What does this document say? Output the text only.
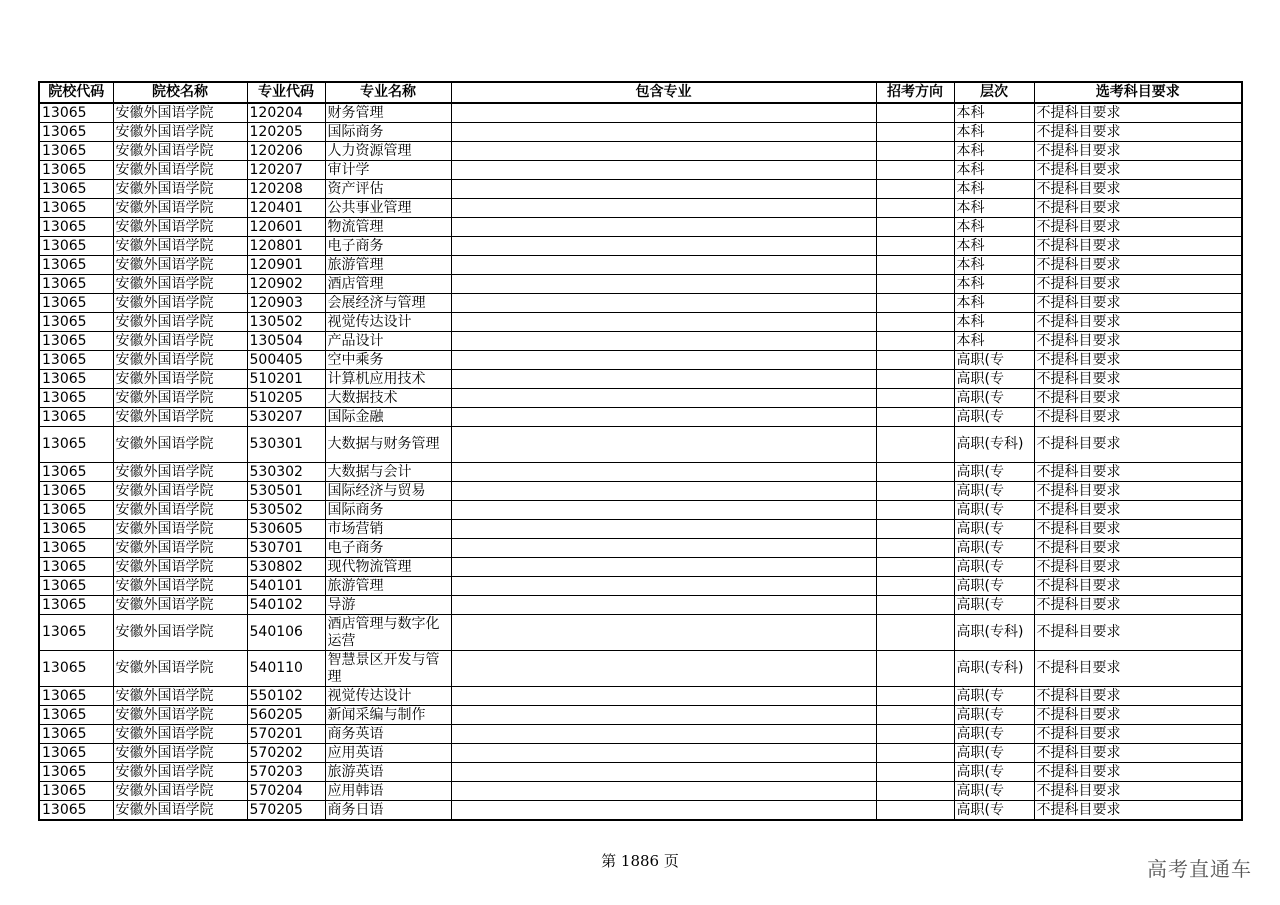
院校代码	院校名称	专业代码	专业名称	包含专业	招考方向	层次	选考科目要求
13065	安徽外国语学院	120204	财务管理			本科	不提科目要求
13065	安徽外国语学院	120205	国际商务			本科	不提科目要求
13065	安徽外国语学院	120206	人力资源管理			本科	不提科目要求
13065	安徽外国语学院	120207	审计学			本科	不提科目要求
13065	安徽外国语学院	120208	资产评估			本科	不提科目要求
13065	安徽外国语学院	120401	公共事业管理			本科	不提科目要求
13065	安徽外国语学院	120601	物流管理			本科	不提科目要求
13065	安徽外国语学院	120801	电子商务			本科	不提科目要求
13065	安徽外国语学院	120901	旅游管理			本科	不提科目要求
13065	安徽外国语学院	120902	酒店管理			本科	不提科目要求
13065	安徽外国语学院	120903	会展经济与管理			本科	不提科目要求
13065	安徽外国语学院	130502	视觉传达设计			本科	不提科目要求
13065	安徽外国语学院	130504	产品设计			本科	不提科目要求
13065	安徽外国语学院	500405	空中乘务			高职(专	不提科目要求
13065	安徽外国语学院	510201	计算机应用技术			高职(专	不提科目要求
13065	安徽外国语学院	510205	大数据技术			高职(专	不提科目要求
13065	安徽外国语学院	530207	国际金融			高职(专	不提科目要求
13065	安徽外国语学院	530301	大数据与财务管理			高职(专科)	不提科目要求
13065	安徽外国语学院	530302	大数据与会计			高职(专	不提科目要求
13065	安徽外国语学院	530501	国际经济与贸易			高职(专	不提科目要求
13065	安徽外国语学院	530502	国际商务			高职(专	不提科目要求
13065	安徽外国语学院	530605	市场营销			高职(专	不提科目要求
13065	安徽外国语学院	530701	电子商务			高职(专	不提科目要求
13065	安徽外国语学院	530802	现代物流管理			高职(专	不提科目要求
13065	安徽外国语学院	540101	旅游管理			高职(专	不提科目要求
13065	安徽外国语学院	540102	导游			高职(专	不提科目要求
13065	安徽外国语学院	540106	酒店管理与数字化运营			高职(专科)	不提科目要求
13065	安徽外国语学院	540110	智慧景区开发与管理			高职(专科)	不提科目要求
13065	安徽外国语学院	550102	视觉传达设计			高职(专	不提科目要求
13065	安徽外国语学院	560205	新闻采编与制作			高职(专	不提科目要求
13065	安徽外国语学院	570201	商务英语			高职(专	不提科目要求
13065	安徽外国语学院	570202	应用英语			高职(专	不提科目要求
13065	安徽外国语学院	570203	旅游英语			高职(专	不提科目要求
13065	安徽外国语学院	570204	应用韩语			高职(专	不提科目要求
13065	安徽外国语学院	570205	商务日语			高职(专	不提科目要求
第 1886 页	高考直通车
